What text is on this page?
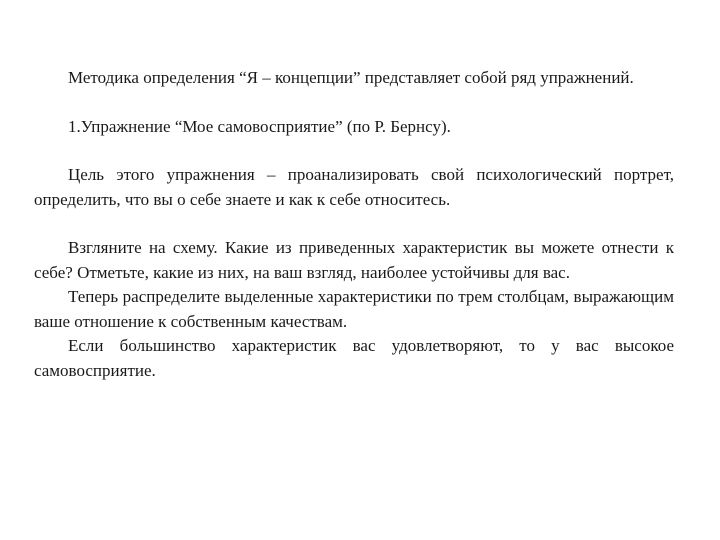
Методика определения “Я – концепции” представляет собой ряд упражнений.

1.Упражнение “Мое самовосприятие” (по Р. Бернсу).

Цель этого упражнения – проанализировать свой психологический портрет, определить, что вы о себе знаете и как к себе относитесь.

Взгляните на схему. Какие из приведенных характеристик вы можете отнести к себе? Отметьте, какие из них, на ваш взгляд, наиболее устойчивы для вас.

Теперь распределите выделенные характеристики по трем столбцам, выражающим ваше отношение к собственным качествам.

Если большинство характеристик вас удовлетворяют, то у вас высокое самовосприятие.
